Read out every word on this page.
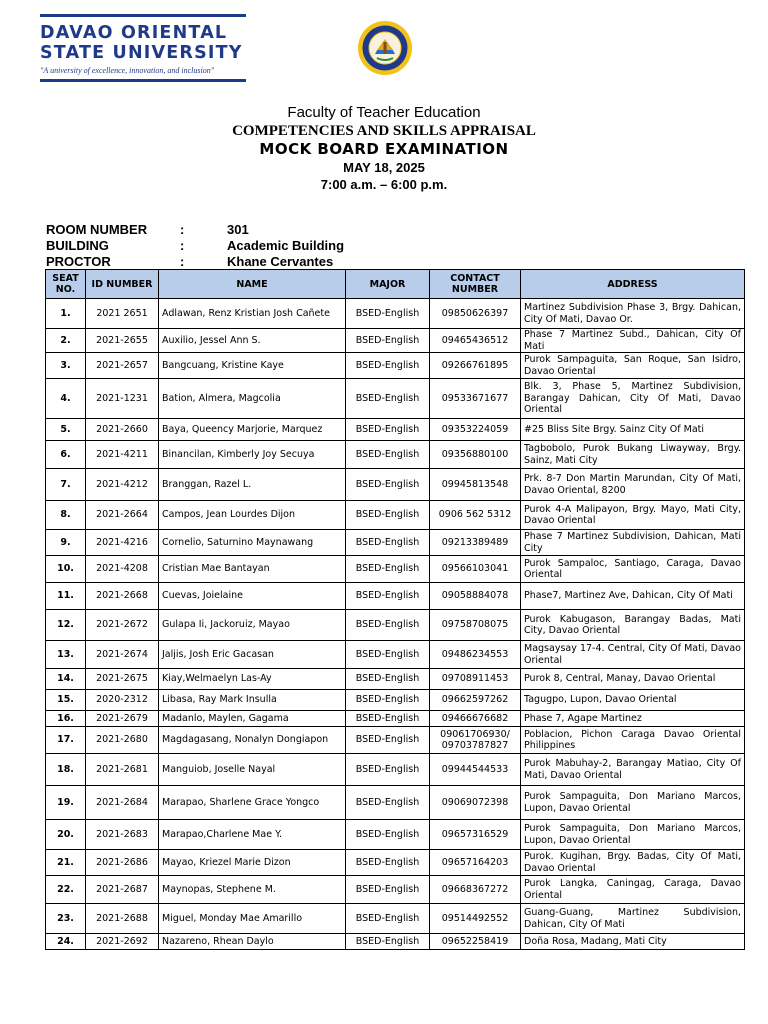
DAVAO ORIENTAL
STATE UNIVERSITY
"A university of excellence, innovation, and inclusion"
Faculty of Teacher Education
COMPETENCIES AND SKILLS APPRAISAL
MOCK BOARD EXAMINATION
MAY 18, 2025
7:00 a.m. – 6:00 p.m.
ROOM NUMBER	:	301
BUILDING	:	Academic Building
PROCTOR	:	Khane Cervantes
SEAT NO.	ID NUMBER	NAME	MAJOR	CONTACT NUMBER	ADDRESS
1.	2021 2651	Adlawan, Renz Kristian Josh Cañete	BSED-English	09850626397	Martinez Subdivision Phase 3, Brgy. Dahican, City Of Mati, Davao Or.
2.	2021-2655	Auxilio, Jessel Ann S.	BSED-English	09465436512	Phase 7 Martinez Subd., Dahican, City Of Mati
3.	2021-2657	Bangcuang, Kristine Kaye	BSED-English	09266761895	Purok Sampaguita, San Roque, San Isidro, Davao Oriental
4.	2021-1231	Bation, Almera, Magcolia	BSED-English	09533671677	Blk. 3, Phase 5, Martinez Subdivision, Barangay Dahican, City Of Mati, Davao Oriental
5.	2021-2660	Baya, Queency Marjorie, Marquez	BSED-English	09353224059	#25 Bliss Site Brgy. Sainz City Of Mati
6.	2021-4211	Binancilan, Kimberly Joy Secuya	BSED-English	09356880100	Tagbobolo, Purok Bukang Liwayway, Brgy. Sainz, Mati City
7.	2021-4212	Branggan, Razel L.	BSED-English	09945813548	Prk. 8-7 Don Martin Marundan, City Of Mati, Davao Oriental, 8200
8.	2021-2664	Campos, Jean Lourdes Dijon	BSED-English	0906 562 5312	Purok 4-A Malipayon, Brgy. Mayo, Mati City, Davao Oriental
9.	2021-4216	Cornelio, Saturnino Maynawang	BSED-English	09213389489	Phase 7 Martinez Subdivision, Dahican, Mati City
10.	2021-4208	Cristian Mae Bantayan	BSED-English	09566103041	Purok Sampaloc, Santiago, Caraga, Davao Oriental
11.	2021-2668	Cuevas, Joielaine	BSED-English	09058884078	Phase7, Martinez Ave, Dahican, City Of Mati
12.	2021-2672	Gulapa Ii, Jackoruiz, Mayao	BSED-English	09758708075	Purok Kabugason, Barangay Badas, Mati City, Davao Oriental
13.	2021-2674	Jaljis, Josh Eric Gacasan	BSED-English	09486234553	Magsaysay 17-4. Central, City Of Mati, Davao Oriental
14.	2021-2675	Kiay,Welmaelyn Las-Ay	BSED-English	09708911453	Purok 8, Central, Manay, Davao Oriental
15.	2020-2312	Libasa, Ray Mark Insulla	BSED-English	09662597262	Tagugpo, Lupon, Davao Oriental
16.	2021-2679	Madanlo, Maylen, Gagama	BSED-English	09466676682	Phase 7, Agape Martinez
17.	2021-2680	Magdagasang, Nonalyn Dongiapon	BSED-English	09061706930/ 09703787827	Poblacion, Pichon Caraga Davao Oriental Philippines
18.	2021-2681	Manguiob, Joselle Nayal	BSED-English	09944544533	Purok Mabuhay-2, Barangay Matiao, City Of Mati, Davao Oriental
19.	2021-2684	Marapao, Sharlene Grace Yongco	BSED-English	09069072398	Purok Sampaguita, Don Mariano Marcos, Lupon, Davao Oriental
20.	2021-2683	Marapao,Charlene Mae Y.	BSED-English	09657316529	Purok Sampaguita, Don Mariano Marcos, Lupon, Davao Oriental
21.	2021-2686	Mayao, Kriezel Marie Dizon	BSED-English	09657164203	Purok. Kugihan, Brgy. Badas, City Of Mati, Davao Oriental
22.	2021-2687	Maynopas, Stephene M.	BSED-English	09668367272	Purok Langka, Caningag, Caraga, Davao Oriental
23.	2021-2688	Miguel, Monday Mae Amarillo	BSED-English	09514492552	Guang-Guang, Martinez Subdivision, Dahican, City Of Mati
24.	2021-2692	Nazareno, Rhean Daylo	BSED-English	09652258419	Doña Rosa, Madang, Mati City
